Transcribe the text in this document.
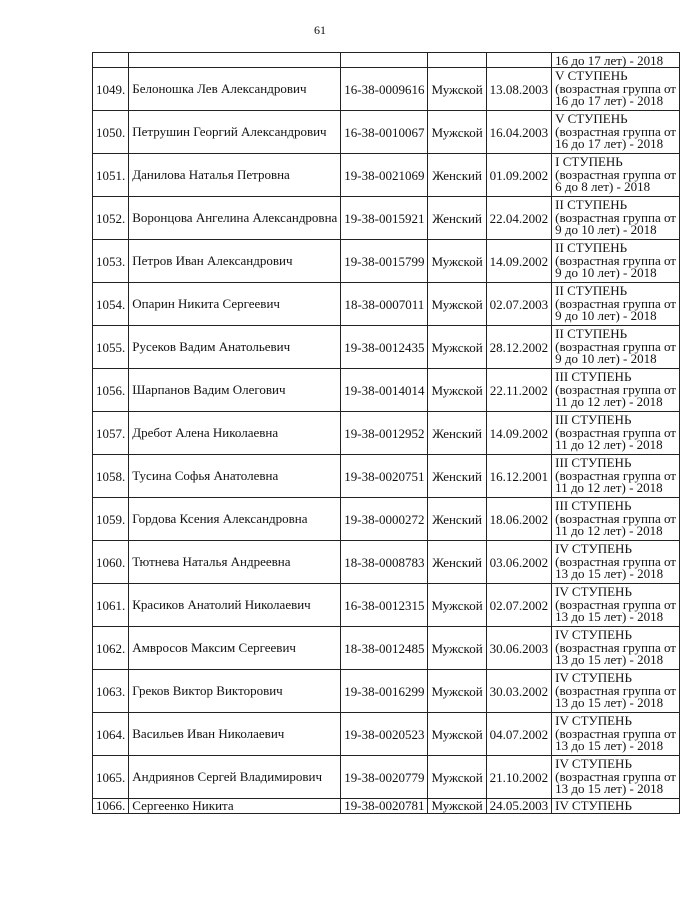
61
					16 до 17 лет) - 2018
1049.	Белоношка Лев Александрович	16-38-0009616	Мужской	13.08.2003	V СТУПЕНЬ
(возрастная группа от
16 до 17 лет) - 2018

1050.	Петрушин Георгий Александрович	16-38-0010067	Мужской	16.04.2003	V СТУПЕНЬ
(возрастная группа от
16 до 17 лет) - 2018

1051.	Данилова Наталья Петровна	19-38-0021069	Женский	01.09.2002	I СТУПЕНЬ
(возрастная группа от
6 до 8 лет) - 2018

1052.	Воронцова Ангелина Александровна	19-38-0015921	Женский	22.04.2002	II СТУПЕНЬ
(возрастная группа от
9 до 10 лет) - 2018

1053.	Петров Иван Александрович	19-38-0015799	Мужской	14.09.2002	II СТУПЕНЬ
(возрастная группа от
9 до 10 лет) - 2018

1054.	Опарин Никита Сергеевич	18-38-0007011	Мужской	02.07.2003	II СТУПЕНЬ
(возрастная группа от
9 до 10 лет) - 2018

1055.	Русеков Вадим Анатольевич	19-38-0012435	Мужской	28.12.2002	II СТУПЕНЬ
(возрастная группа от
9 до 10 лет) - 2018

1056.	Шарпанов Вадим Олегович	19-38-0014014	Мужской	22.11.2002	III СТУПЕНЬ
(возрастная группа от
11 до 12 лет) - 2018

1057.	Дребот Алена Николаевна	19-38-0012952	Женский	14.09.2002	III СТУПЕНЬ
(возрастная группа от
11 до 12 лет) - 2018

1058.	Тусина Софья Анатолевна	19-38-0020751	Женский	16.12.2001	III СТУПЕНЬ
(возрастная группа от
11 до 12 лет) - 2018

1059.	Гордова Ксения Александровна	19-38-0000272	Женский	18.06.2002	III СТУПЕНЬ
(возрастная группа от
11 до 12 лет) - 2018

1060.	Тютнева Наталья Андреевна	18-38-0008783	Женский	03.06.2002	IV СТУПЕНЬ
(возрастная группа от
13 до 15 лет) - 2018

1061.	Красиков Анатолий Николаевич	16-38-0012315	Мужской	02.07.2002	IV СТУПЕНЬ
(возрастная группа от
13 до 15 лет) - 2018

1062.	Амвросов Максим Сергеевич	18-38-0012485	Мужской	30.06.2003	IV СТУПЕНЬ
(возрастная группа от
13 до 15 лет) - 2018

1063.	Греков Виктор Викторович	19-38-0016299	Мужской	30.03.2002	IV СТУПЕНЬ
(возрастная группа от
13 до 15 лет) - 2018

1064.	Васильев Иван Николаевич	19-38-0020523	Мужской	04.07.2002	IV СТУПЕНЬ
(возрастная группа от
13 до 15 лет) - 2018

1065.	Андриянов Сергей Владимирович	19-38-0020779	Мужской	21.10.2002	IV СТУПЕНЬ
(возрастная группа от
13 до 15 лет) - 2018

1066.	Сергеенко Никита	19-38-0020781	Мужской	24.05.2003	IV СТУПЕНЬ
